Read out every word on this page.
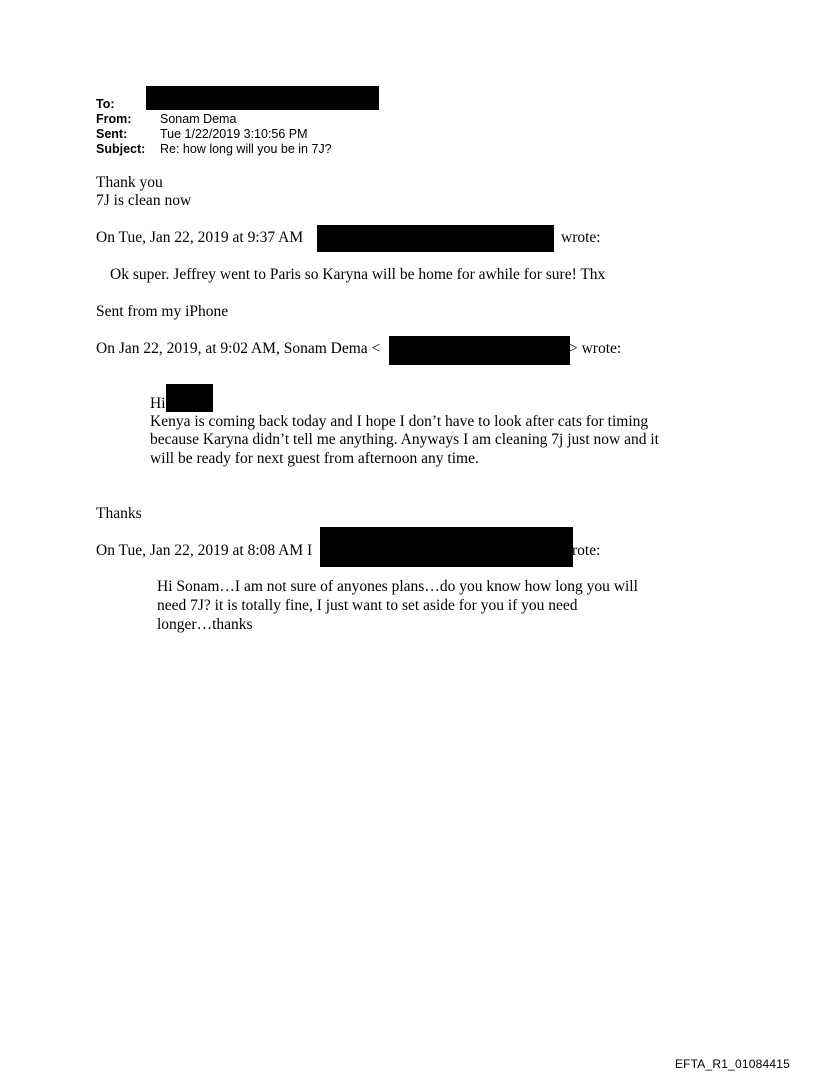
To:
From: Sonam Dema
Sent:	Tue 1/22/2019 3:10:56 PM
Subject: Re: how long will you be in 7J?
Thank you
7J is clean now
On Tue, Jan 22, 2019 at 9:37 AM	wrote:
Ok super. Jeffrey went to Paris so Karyna will be home for awhile for sure! Thx
Sent from my iPhone
On Jan 22, 2019, at 9:02 AM, Sonam Dema <	> wrote:
Hi
Kenya is coming back today and I hope I don’t have to look after cats for timing
because Karyna didn’t tell me anything. Anyways I am cleaning 7j just now and it
will be ready for next guest from afternoon any time.
Thanks
On Tue, Jan 22, 2019 at 8:08 AM I	rote:
Hi Sonam…I am not sure of anyones plans…do you know how long you will
need 7J? it is totally fine, I just want to set aside for you if you need
longer…thanks
EFTA_R1_01084415
